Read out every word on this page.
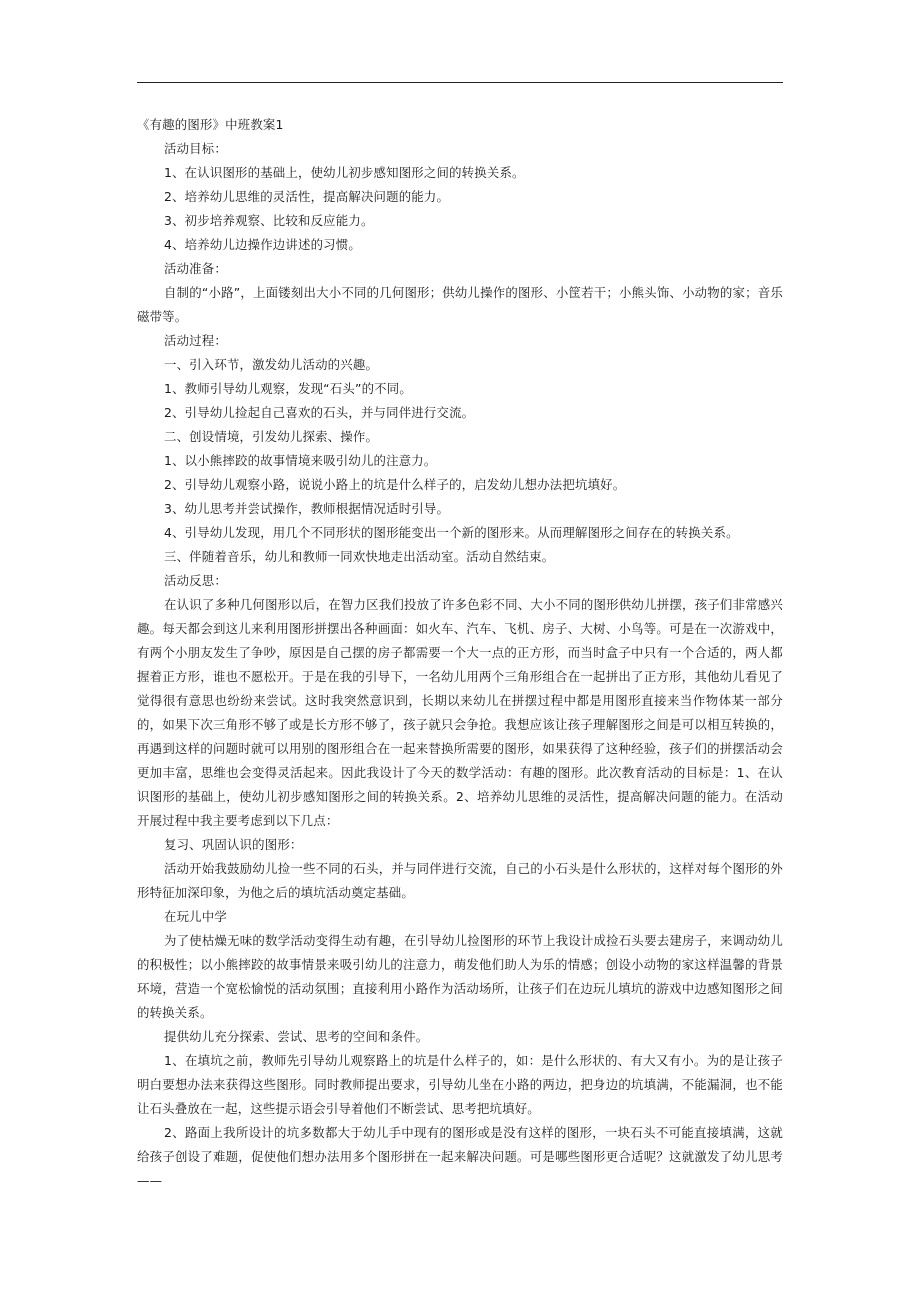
《有趣的图形》中班教案1

活动目标：

1、在认识图形的基础上，使幼儿初步感知图形之间的转换关系。

2、培养幼儿思维的灵活性，提高解决问题的能力。

3、初步培养观察、比较和反应能力。

4、培养幼儿边操作边讲述的习惯。

活动准备：

自制的“小路”，上面镂刻出大小不同的几何图形；供幼儿操作的图形、小筐若干；小熊头饰、小动物的家；音乐磁带等。

活动过程：

一、引入环节，激发幼儿活动的兴趣。

1、教师引导幼儿观察，发现“石头”的不同。

2、引导幼儿捡起自己喜欢的石头，并与同伴进行交流。

二、创设情境，引发幼儿探索、操作。

1、以小熊摔跤的故事情境来吸引幼儿的注意力。

2、引导幼儿观察小路，说说小路上的坑是什么样子的，启发幼儿想办法把坑填好。

3、幼儿思考并尝试操作，教师根据情况适时引导。

4、引导幼儿发现，用几个不同形状的图形能变出一个新的图形来。从而理解图形之间存在的转换关系。

三、伴随着音乐，幼儿和教师一同欢快地走出活动室。活动自然结束。

活动反思：

在认识了多种几何图形以后，在智力区我们投放了许多色彩不同、大小不同的图形供幼儿拼摆，孩子们非常感兴趣。每天都会到这儿来利用图形拼摆出各种画面：如火车、汽车、飞机、房子、大树、小鸟等。可是在一次游戏中，有两个小朋友发生了争吵，原因是自己摆的房子都需要一个大一点的正方形，而当时盒子中只有一个合适的，两人都握着正方形，谁也不愿松开。于是在我的引导下，一名幼儿用两个三角形组合在一起拼出了正方形，其他幼儿看见了觉得很有意思也纷纷来尝试。这时我突然意识到，长期以来幼儿在拼摆过程中都是用图形直接来当作物体某一部分的，如果下次三角形不够了或是长方形不够了，孩子就只会争抢。我想应该让孩子理解图形之间是可以相互转换的，再遇到这样的问题时就可以用别的图形组合在一起来替换所需要的图形，如果获得了这种经验，孩子们的拼摆活动会更加丰富，思维也会变得灵活起来。因此我设计了今天的数学活动：有趣的图形。此次教育活动的目标是：1、在认识图形的基础上，使幼儿初步感知图形之间的转换关系。2、培养幼儿思维的灵活性，提高解决问题的能力。在活动开展过程中我主要考虑到以下几点：

复习、巩固认识的图形：

活动开始我鼓励幼儿捡一些不同的石头，并与同伴进行交流，自己的小石头是什么形状的，这样对每个图形的外形特征加深印象，为他之后的填坑活动奠定基础。

在玩儿中学

为了使枯燥无味的数学活动变得生动有趣，在引导幼儿捡图形的环节上我设计成捡石头要去建房子，来调动幼儿的积极性；以小熊摔跤的故事情景来吸引幼儿的注意力，萌发他们助人为乐的情感；创设小动物的家这样温馨的背景环境，营造一个宽松愉悦的活动氛围；直接利用小路作为活动场所，让孩子们在边玩儿填坑的游戏中边感知图形之间的转换关系。

提供幼儿充分探索、尝试、思考的空间和条件。

1、在填坑之前，教师先引导幼儿观察路上的坑是什么样子的，如：是什么形状的、有大又有小。为的是让孩子明白要想办法来获得这些图形。同时教师提出要求，引导幼儿坐在小路的两边，把身边的坑填满，不能漏洞，也不能让石头叠放在一起，这些提示语会引导着他们不断尝试、思考把坑填好。

2、路面上我所设计的坑多数都大于幼儿手中现有的图形或是没有这样的图形，一块石头不可能直接填满，这就给孩子创设了难题，促使他们想办法用多个图形拼在一起来解决问题。可是哪些图形更合适呢？这就激发了幼儿思考——
